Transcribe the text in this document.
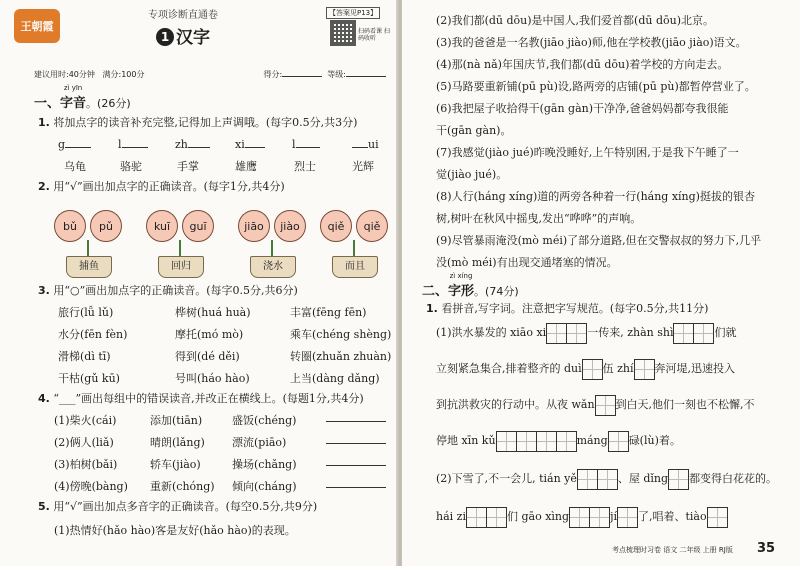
王朝霞
专项诊断直通卷
1 汉字
【答案见P13】
扫码看课 扫码收听
建议用时:40分钟 满分:100分	得分:	等级:
一、
zì yīn
字音。(26分)
1. 将加点字的读音补充完整,记得加上声调哦。(每字0.5分,共3分)
g	l	zh	xi	l	ui
乌龟	骆驼	手掌	雄鹰	烈士	光辉
2. 用“√”画出加点字的正确读音。(每字1分,共4分)
bǔ	pǔ
捕鱼
kuī	guī
回归
jiāo	jiào
浇水
qiě	qiě
而且
3. 用“○”画出加点字的正确读音。(每字0.5分,共6分)
旅行(lǚ lǔ)	桦树(huá huà)	丰富(fēng fēn)
水分(fēn fèn)	摩托(mó mò)	乘车(chéng shèng)
滑梯(dì tī)	得到(dé děi)	转圈(zhuǎn zhuàn)
干枯(gǔ kū)	号叫(háo hào)	上当(dàng dǎng)
4. “___”画出每组中的错误读音,并改正在横线上。(每题1分,共4分)
(1)柴火(cái)	添加(tiān)	盛饭(chéng)
(2)俩人(liǎ)	晴朗(lǎng) 漂流(piāo)
(3)柏树(bǎi)	轿车(jiào)	操场(chǎng)
(4)傍晚(bàng) 重新(chóng) 倾向(cháng)
5. 用“√”画出加点多音字的正确读音。(每空0.5分,共9分)
(1)热情好(hǎo hào)客是友好(hǎo hào)的表现。
(2)我们都(dū dōu)是中国人,我们爱首都(dū dōu)北京。
(3)我的爸爸是一名教(jiāo jiào)师,他在学校教(jiāo jiào)语文。
(4)那(nà nǎ)年国庆节,我们都(dū dōu)着学校的方向走去。
(5)马路要重新铺(pū pù)设,路两旁的店铺(pū pù)都暂停营业了。
(6)我把屋子收拾得干(gān gàn)干净净,爸爸妈妈都夸我很能
干(gān gàn)。
(7)我感觉(jiào jué)昨晚没睡好,上午特别困,于是我下午睡了一
觉(jiào jué)。
(8)人行(háng xíng)道的两旁各种着一行(háng xíng)挺拔的银杏
树,树叶在秋风中摇曳,发出“哗哗”的声响。
(9)尽管暴雨淹没(mò méi)了部分道路,但在交警叔叔的努力下,几乎
没(mò méi)有出现交通堵塞的情况。
二、
zì xíng
字形。(74分)
1. 看拼音,写字词。注意把字写规范。(每字0.5分,共11分)
(1)洪水暴发的 xiāo xi	一传来, zhàn shì	们就
立刻紧急集合,排着整齐的 duì 伍 zhí 奔河堤,迅速投入
到抗洪救灾的行动中。从夜 wǎn 到白天,他们一刻也不松懈,不
停地 xīn kǔ	máng 碌(lù)着。
(2)下雪了,不一会儿, tián yě	、屋 dǐng 都变得白花花的。
hái zi	们 gāo xìng	jí 了,唱着、tiào
考点梳理时习卷 语文 二年级 上册 RJ版 35
